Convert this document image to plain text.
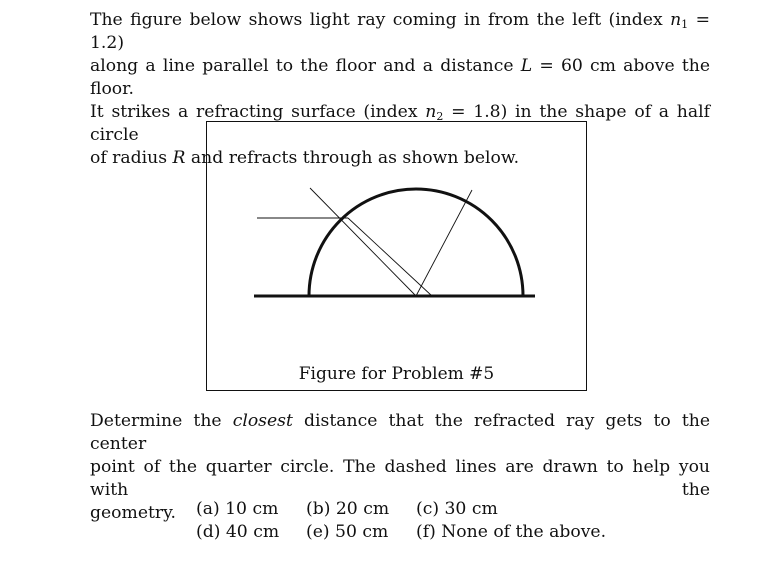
The figure below shows light ray coming in from the left (index $n_1 = 1.2$)
along a line parallel to the floor and a distance L = 60 cm above the floor.
It strikes a refracting surface (index $n_2 = 1.8$) in the shape of a half circle
of radius R and refracts through as shown below.
Figure for Problem #5
Determine the closest distance that the refracted ray gets to the center
point of the quarter circle. The dashed lines are drawn to help you with the
geometry.	(a) 10 cm (b) 20 cm (c) 30 cm
(d) 40 cm (e) 50 cm (f) None of the above.
